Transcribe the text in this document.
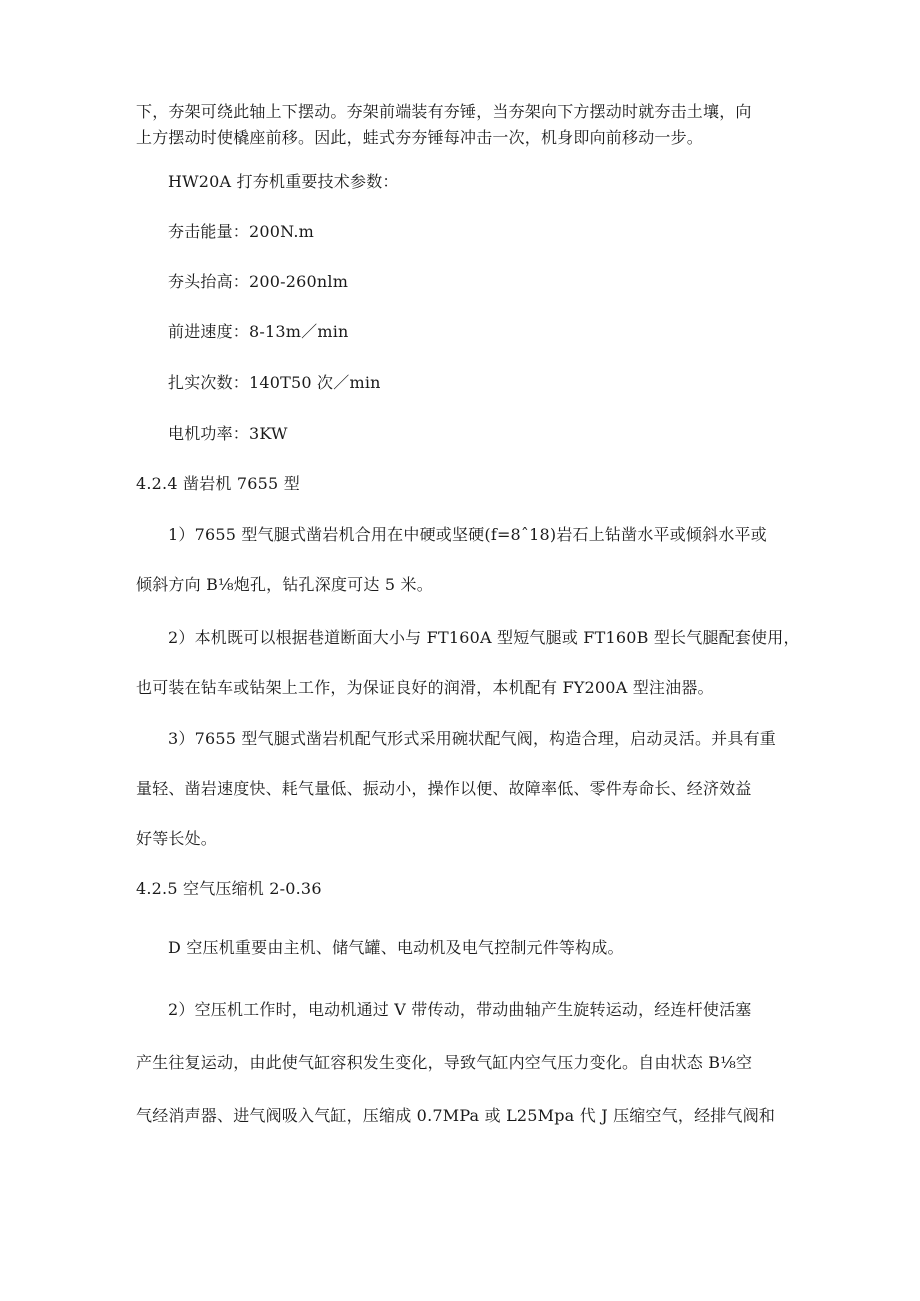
下，夯架可绕此轴上下摆动。夯架前端装有夯锤，当夯架向下方摆动时就夯击土壤，向
上方摆动时使橇座前移。因此，蛙式夯夯锤每冲击一次，机身即向前移动一步。
HW20A 打夯机重要技术参数：
夯击能量：200N.m
夯头抬高：200-260nlm
前进速度：8-13m／min
扎实次数：140T50 次／min
电机功率：3KW
4.2.4 凿岩机 7655 型
1）7655 型气腿式凿岩机合用在中硬或坚硬(f=8ˆ18)岩石上钻凿水平或倾斜水平或
倾斜方向 B⅛炮孔，钻孔深度可达 5 米。
2）本机既可以根据巷道断面大小与 FT160A 型短气腿或 FT160B 型长气腿配套使用，
也可装在钻车或钻架上工作，为保证良好的润滑，本机配有 FY200A 型注油器。
3）7655 型气腿式凿岩机配气形式采用碗状配气阀，构造合理，启动灵活。并具有重
量轻、凿岩速度快、耗气量低、振动小，操作以便、故障率低、零件寿命长、经济效益
好等长处。
4.2.5 空气压缩机 2-0.36
D 空压机重要由主机、储气罐、电动机及电气控制元件等构成。
2）空压机工作时，电动机通过 V 带传动，带动曲轴产生旋转运动，经连杆使活塞
产生往复运动，由此使气缸容积发生变化，导致气缸内空气压力变化。自由状态 B⅛空
气经消声器、进气阀吸入气缸，压缩成 0.7MPa 或 L25Mpa 代 J 压缩空气，经排气阀和
